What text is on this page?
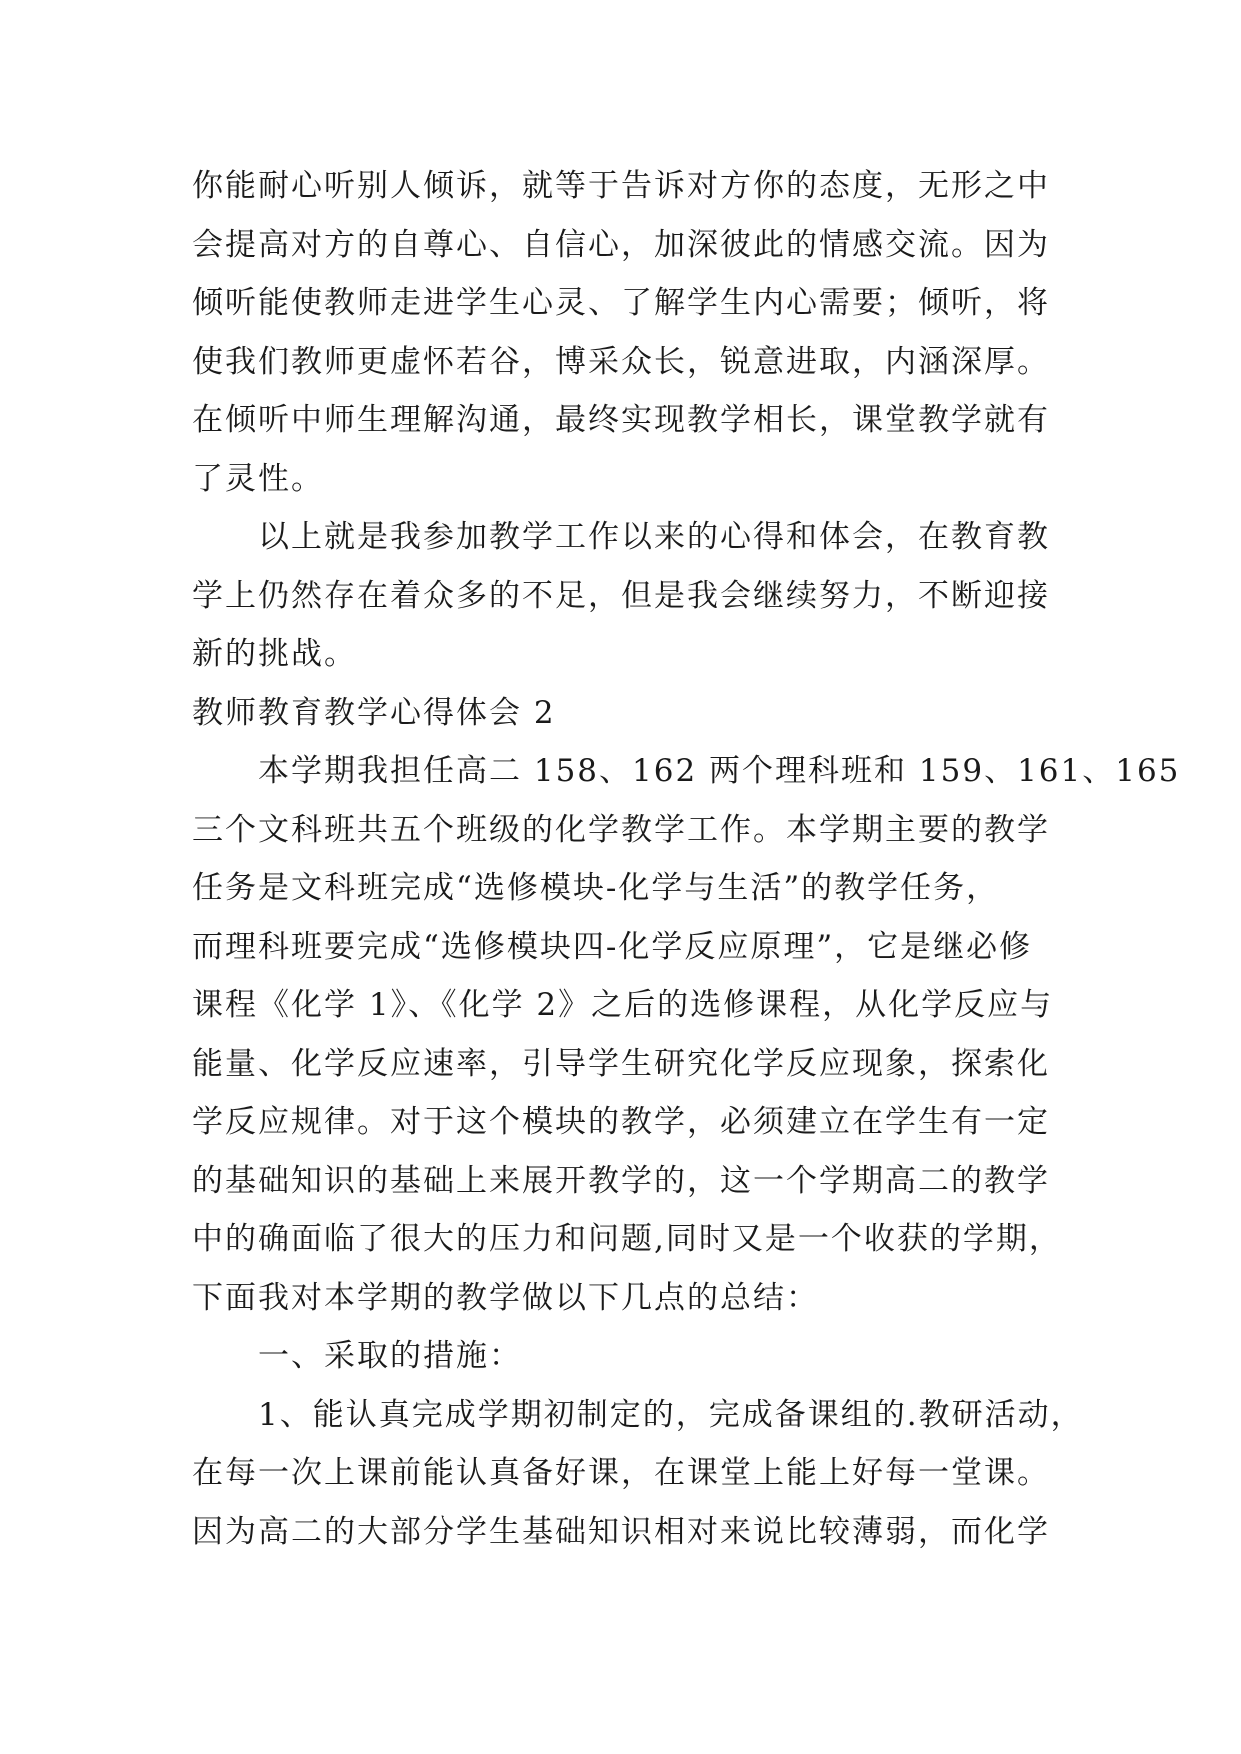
你能耐心听别人倾诉，就等于告诉对方你的态度，无形之中
会提高对方的自尊心、自信心，加深彼此的情感交流。因为
倾听能使教师走进学生心灵、了解学生内心需要；倾听，将
使我们教师更虚怀若谷，博采众长，锐意进取，内涵深厚。
在倾听中师生理解沟通，最终实现教学相长，课堂教学就有
了灵性。

以上就是我参加教学工作以来的心得和体会，在教育教
学上仍然存在着众多的不足，但是我会继续努力，不断迎接
新的挑战。

教师教育教学心得体会 2

本学期我担任高二 158、162 两个理科班和 159、161、165
三个文科班共五个班级的化学教学工作。本学期主要的教学
任务是文科班完成“选修模块-化学与生活”的教学任务，
而理科班要完成“选修模块四-化学反应原理”，它是继必修
课程《化学 1》、《化学 2》之后的选修课程，从化学反应与
能量、化学反应速率，引导学生研究化学反应现象，探索化
学反应规律。对于这个模块的教学，必须建立在学生有一定
的基础知识的基础上来展开教学的，这一个学期高二的教学
中的确面临了很大的压力和问题,同时又是一个收获的学期，
下面我对本学期的教学做以下几点的总结：

一、采取的措施：

1、能认真完成学期初制定的，完成备课组的.教研活动，
在每一次上课前能认真备好课，在课堂上能上好每一堂课。
因为高二的大部分学生基础知识相对来说比较薄弱，而化学
